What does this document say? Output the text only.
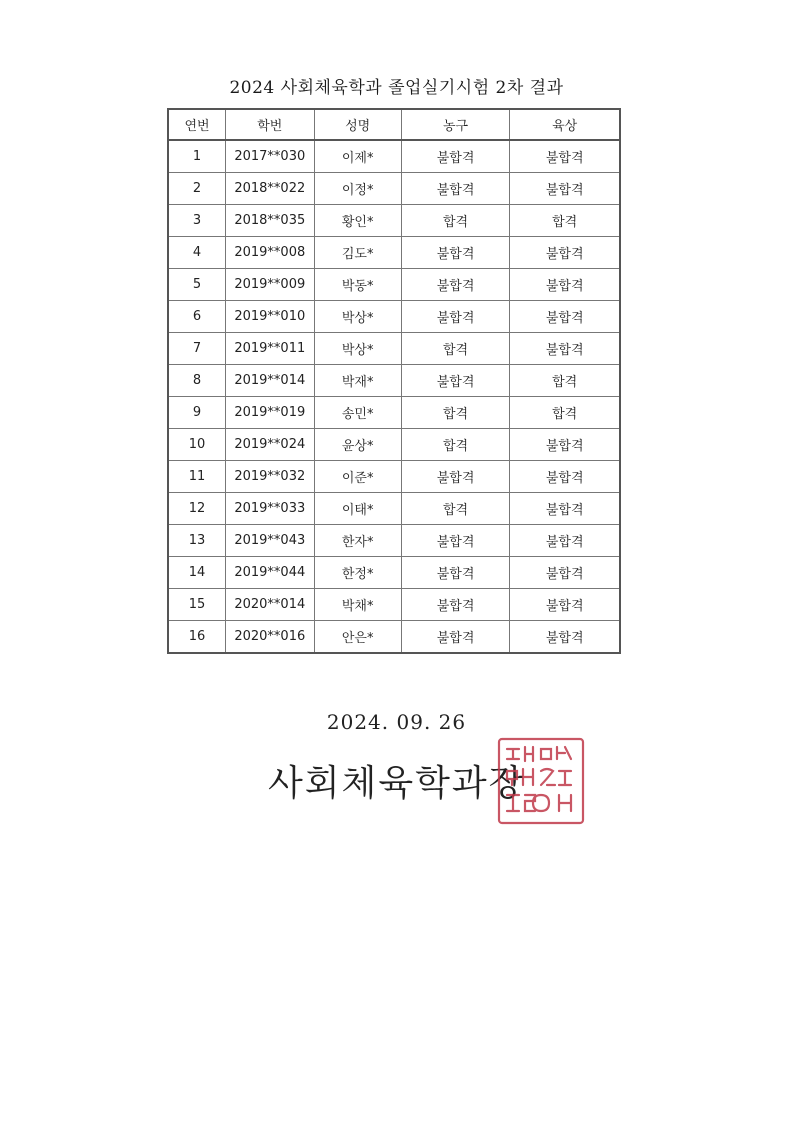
2024 사회체육학과 졸업실기시험 2차 결과
연번	학번	성명	농구	육상
1	2017**030	이제*	불합격	불합격
2	2018**022	이정*	불합격	불합격
3	2018**035	황인*	합격	합격
4	2019**008	김도*	불합격	불합격
5	2019**009	박동*	불합격	불합격
6	2019**010	박상*	불합격	불합격
7	2019**011	박상*	합격	불합격
8	2019**014	박재*	불합격	합격
9	2019**019	송민*	합격	합격
10	2019**024	윤상*	합격	불합격
11	2019**032	이준*	불합격	불합격
12	2019**033	이태*	합격	불합격
13	2019**043	한자*	불합격	불합격
14	2019**044	한정*	불합격	불합격
15	2020**014	박채*	불합격	불합격
16	2020**016	안은*	불합격	불합격
2024. 09. 26
사회체육학과장
